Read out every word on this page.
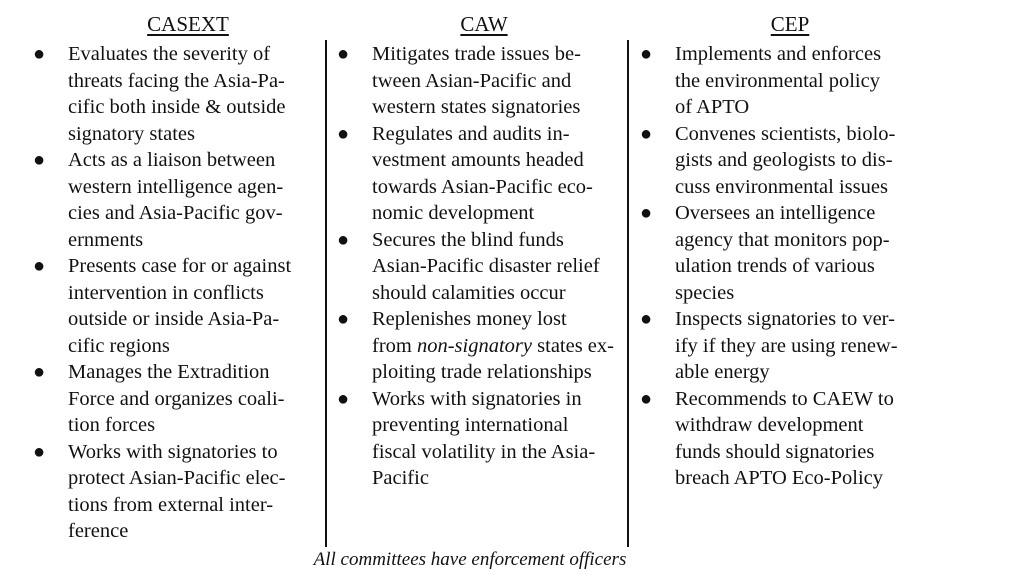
CASEXT
● Evaluates the severity of
threats facing the Asia-Pa-
cific both inside & outside
signatory states
● Acts as a liaison between
western intelligence agen-
cies and Asia-Pacific gov-
ernments
● Presents case for or against
intervention in conflicts
outside or inside Asia-Pa-
cific regions
● Manages the Extradition
Force and organizes coali-
tion forces
● Works with signatories to
protect Asian-Pacific elec-
tions from external inter-
ference
CAW
● Mitigates trade issues be-
tween Asian-Pacific and
western states signatories
● Regulates and audits in-
vestment amounts headed
towards Asian-Pacific eco-
nomic development
● Secures the blind funds
Asian-Pacific disaster relief
should calamities occur
● Replenishes money lost
from non-signatory states ex-
ploiting trade relationships
● Works with signatories in
preventing international
fiscal volatility in the Asia-
Pacific
CEP
● Implements and enforces
the environmental policy
of APTO
● Convenes scientists, biolo-
gists and geologists to dis-
cuss environmental issues
● Oversees an intelligence
agency that monitors pop-
ulation trends of various
species
● Inspects signatories to ver-
ify if they are using renew-
able energy
● Recommends to CAEW to
withdraw development
funds should signatories
breach APTO Eco-Policy
All committees have enforcement officers
